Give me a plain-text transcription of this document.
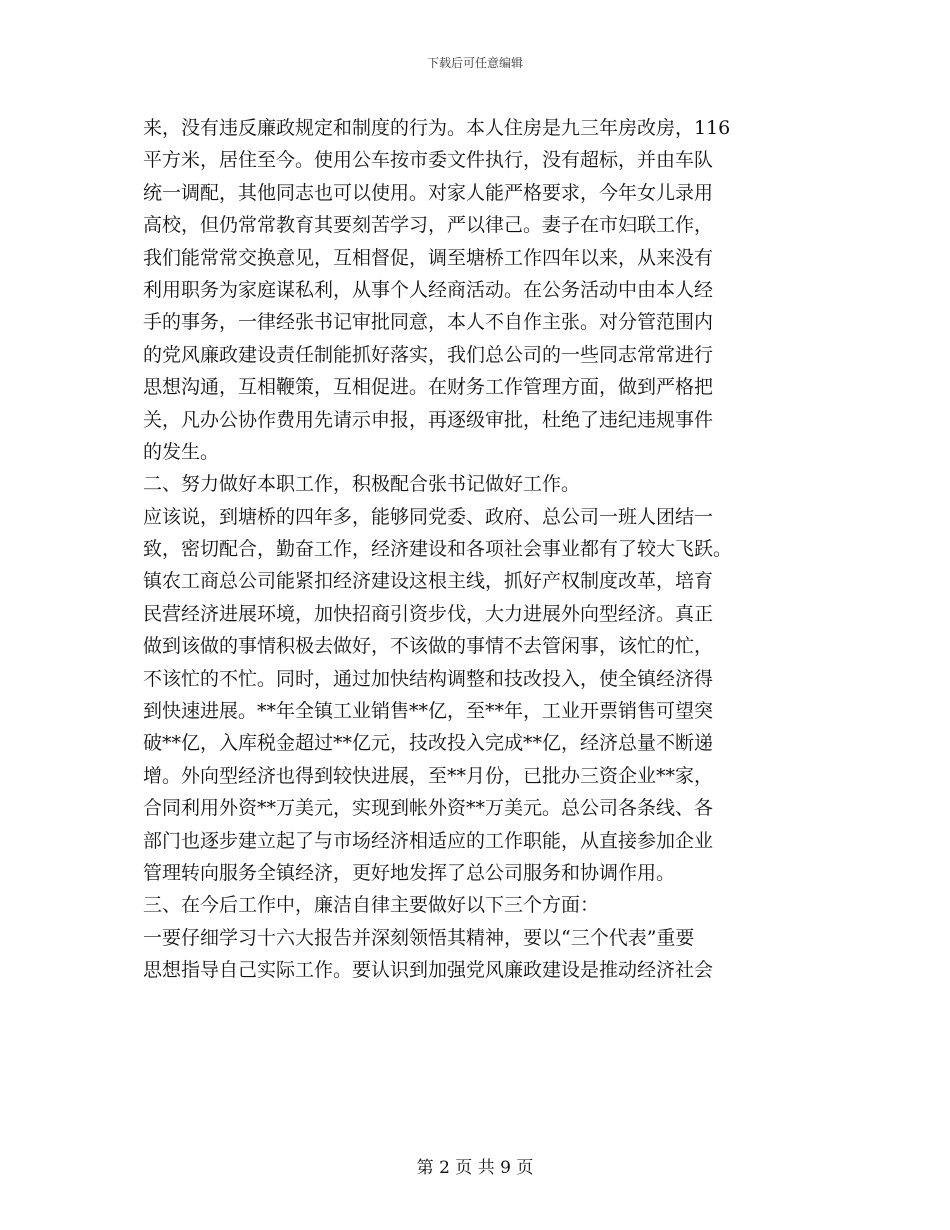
下载后可任意编辑
来，没有违反廉政规定和制度的行为。本人住房是九三年房改房，116
平方米，居住至今。使用公车按市委文件执行，没有超标，并由车队
统一调配，其他同志也可以使用。对家人能严格要求，今年女儿录用
高校，但仍常常教育其要刻苦学习，严以律己。妻子在市妇联工作，
我们能常常交换意见，互相督促，调至塘桥工作四年以来，从来没有
利用职务为家庭谋私利，从事个人经商活动。在公务活动中由本人经
手的事务，一律经张书记审批同意，本人不自作主张。对分管范围内
的党风廉政建设责任制能抓好落实，我们总公司的一些同志常常进行
思想沟通，互相鞭策，互相促进。在财务工作管理方面，做到严格把
关，凡办公协作费用先请示申报，再逐级审批，杜绝了违纪违规事件
的发生。
二、努力做好本职工作，积极配合张书记做好工作。
应该说，到塘桥的四年多，能够同党委、政府、总公司一班人团结一
致，密切配合，勤奋工作，经济建设和各项社会事业都有了较大飞跃。
镇农工商总公司能紧扣经济建设这根主线，抓好产权制度改革，培育
民营经济进展环境，加快招商引资步伐，大力进展外向型经济。真正
做到该做的事情积极去做好，不该做的事情不去管闲事，该忙的忙，
不该忙的不忙。同时，通过加快结构调整和技改投入，使全镇经济得
到快速进展。**年全镇工业销售**亿，至**年，工业开票销售可望突
破**亿，入库税金超过**亿元，技改投入完成**亿，经济总量不断递
增。外向型经济也得到较快进展，至**月份，已批办三资企业**家，
合同利用外资**万美元，实现到帐外资**万美元。总公司各条线、各
部门也逐步建立起了与市场经济相适应的工作职能，从直接参加企业
管理转向服务全镇经济，更好地发挥了总公司服务和协调作用。
三、在今后工作中，廉洁自律主要做好以下三个方面：
一要仔细学习十六大报告并深刻领悟其精神，要以“三个代表”重要
思想指导自己实际工作。要认识到加强党风廉政建设是推动经济社会
第 2 页 共 9 页
